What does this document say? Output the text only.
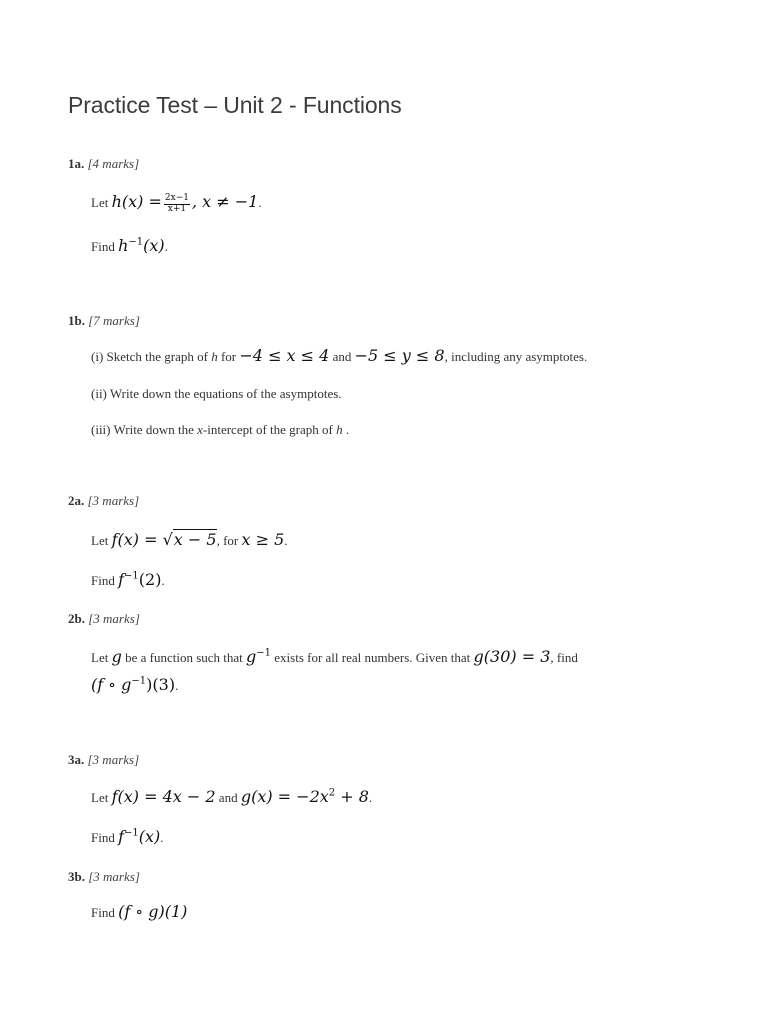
Practice Test – Unit 2 - Functions
1a. [4 marks]
Let $h(x) = \frac{2x-1}{x+1}$ , x ≠ −1.
Find $h^{-1}(x)$.
1b. [7 marks]
(i) Sketch the graph of h for −4 ≤ x ≤ 4 and −5 ≤ y ≤ 8, including any asymptotes.
(ii) Write down the equations of the asymptotes.
(iii) Write down the x-intercept of the graph of h .
2a. [3 marks]
Let f(x) = √x − 5, for x ≥ 5.
Find $f^{-1}(2)$.
2b. [3 marks]
Let g be a function such that $g^{-1}$ exists for all real numbers. Given that g(30) = 3, find
(f ∘ $g^{-1})(3)$.
3a. [3 marks]
Let f(x) = 4x − 2 and $g(x) = -2x^2 + 8$.
Find $f^{-1}(x)$.
3b. [3 marks]
Find (f ∘ g)(1)
